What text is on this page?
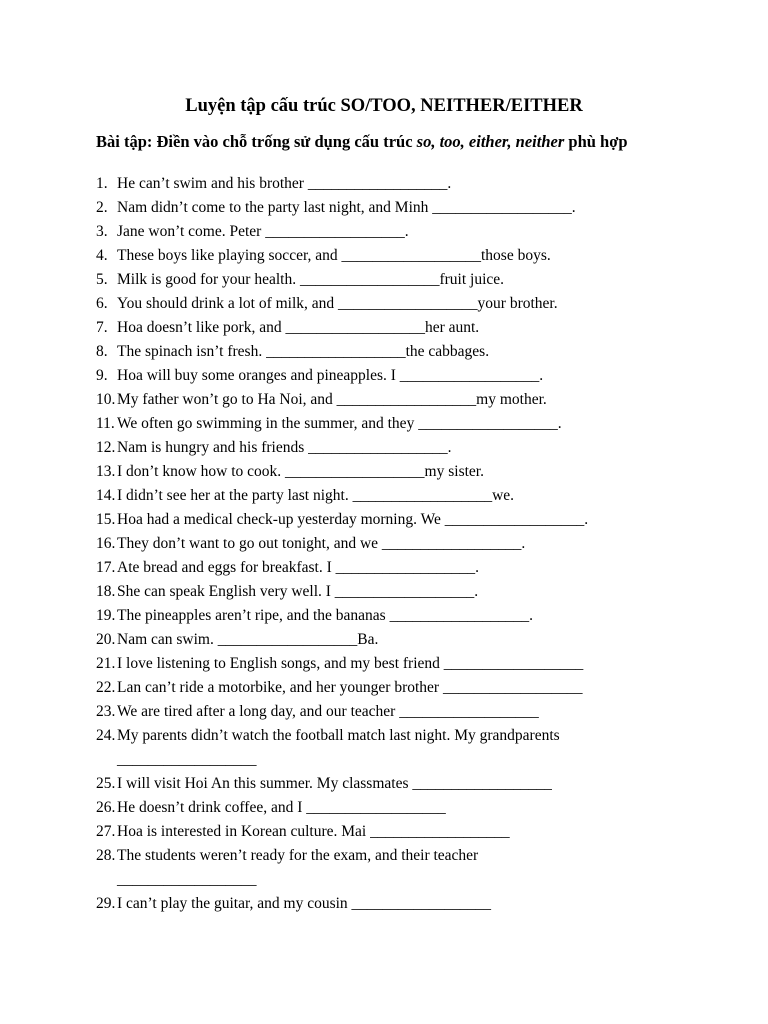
Luyện tập cấu trúc SO/TOO, NEITHER/EITHER
Bài tập: Điền vào chỗ trống sử dụng cấu trúc so, too, either, neither phù hợp
1. He can’t swim and his brother __________________.
2. Nam didn’t come to the party last night, and Minh __________________.
3. Jane won’t come. Peter __________________.
4. These boys like playing soccer, and __________________those boys.
5. Milk is good for your health. __________________fruit juice.
6. You should drink a lot of milk, and __________________your brother.
7. Hoa doesn’t like pork, and __________________her aunt.
8. The spinach isn’t fresh. __________________the cabbages.
9. Hoa will buy some oranges and pineapples. I __________________.
10. My father won’t go to Ha Noi, and __________________my mother.
11. We often go swimming in the summer, and they __________________.
12. Nam is hungry and his friends __________________.
13. I don’t know how to cook. __________________my sister.
14. I didn’t see her at the party last night. __________________we.
15. Hoa had a medical check-up yesterday morning. We __________________.
16. They don’t want to go out tonight, and we __________________.
17. Ate bread and eggs for breakfast. I __________________.
18. She can speak English very well. I __________________.
19. The pineapples aren’t ripe, and the bananas __________________.
20. Nam can swim. __________________Ba.
21. I love listening to English songs, and my best friend __________________
22. Lan can’t ride a motorbike, and her younger brother __________________
23. We are tired after a long day, and our teacher __________________
24. My parents didn’t watch the football match last night. My grandparents
__________________
25. I will visit Hoi An this summer. My classmates __________________
26. He doesn’t drink coffee, and I __________________
27. Hoa is interested in Korean culture. Mai __________________
28. The students weren’t ready for the exam, and their teacher
__________________
29. I can’t play the guitar, and my cousin __________________
